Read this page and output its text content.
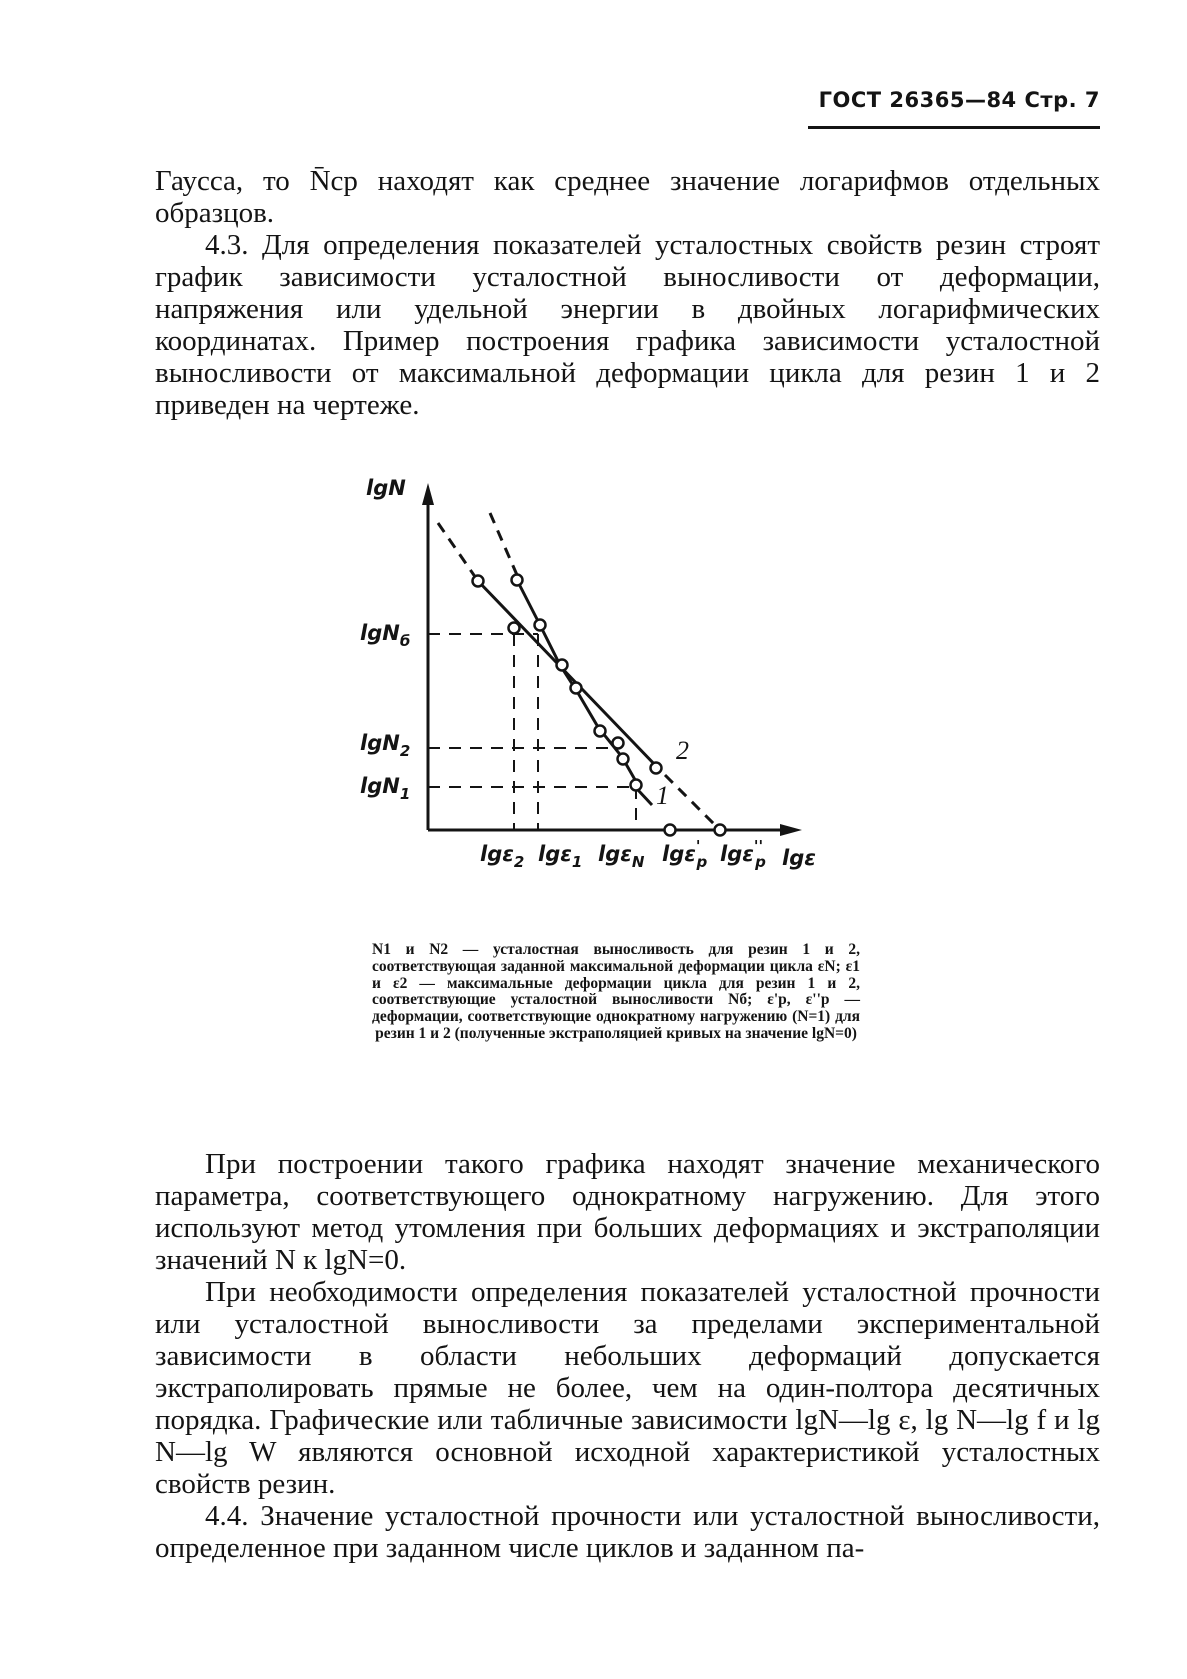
ГОСТ 26365—84 Стр. 7

Гаусса, то N̄ср находят как среднее значение логарифмов отдельных образцов.

4.3. Для определения показателей усталостных свойств резин строят график зависимости усталостной выносливости от деформации, напряжения или удельной энергии в двойных логарифмических координатах. Пример построения графика зависимости усталостной выносливости от максимальной деформации цикла для резин 1 и 2 приведен на чертеже.

lgN
lgε
lgN$_б$
lgN$_2$
lgN$_1$
lgε$_2$ lgε$_1$ lgε$_N$ lgε' p lgε'' p
2
1

N1 и N2 — усталостная выносливость для резин 1 и 2, соответствующая заданной максимальной деформации цикла εN; ε1 и ε2 — максимальные деформации цикла для резин 1 и 2, соответствующие усталостной выносливости Nб; ε'p, ε''p — деформации, соответствующие однократному нагружению (N=1) для резин 1 и 2 (полученные экстраполяцией кривых на значение lgN=0)

При построении такого графика находят значение механического параметра, соответствующего однократному нагружению. Для этого используют метод утомления при больших деформациях и экстраполяции значений N к lgN=0.

При необходимости определения показателей усталостной прочности или усталостной выносливости за пределами экспериментальной зависимости в области небольших деформаций допускается экстраполировать прямые не более, чем на один-полтора десятичных порядка. Графические или табличные зависимости lgN—lg ε, lg N—lg f и lg N—lg W являются основной исходной характеристикой усталостных свойств резин.

4.4. Значение усталостной прочности или усталостной выносливости, определенное при заданном числе циклов и заданном па-
